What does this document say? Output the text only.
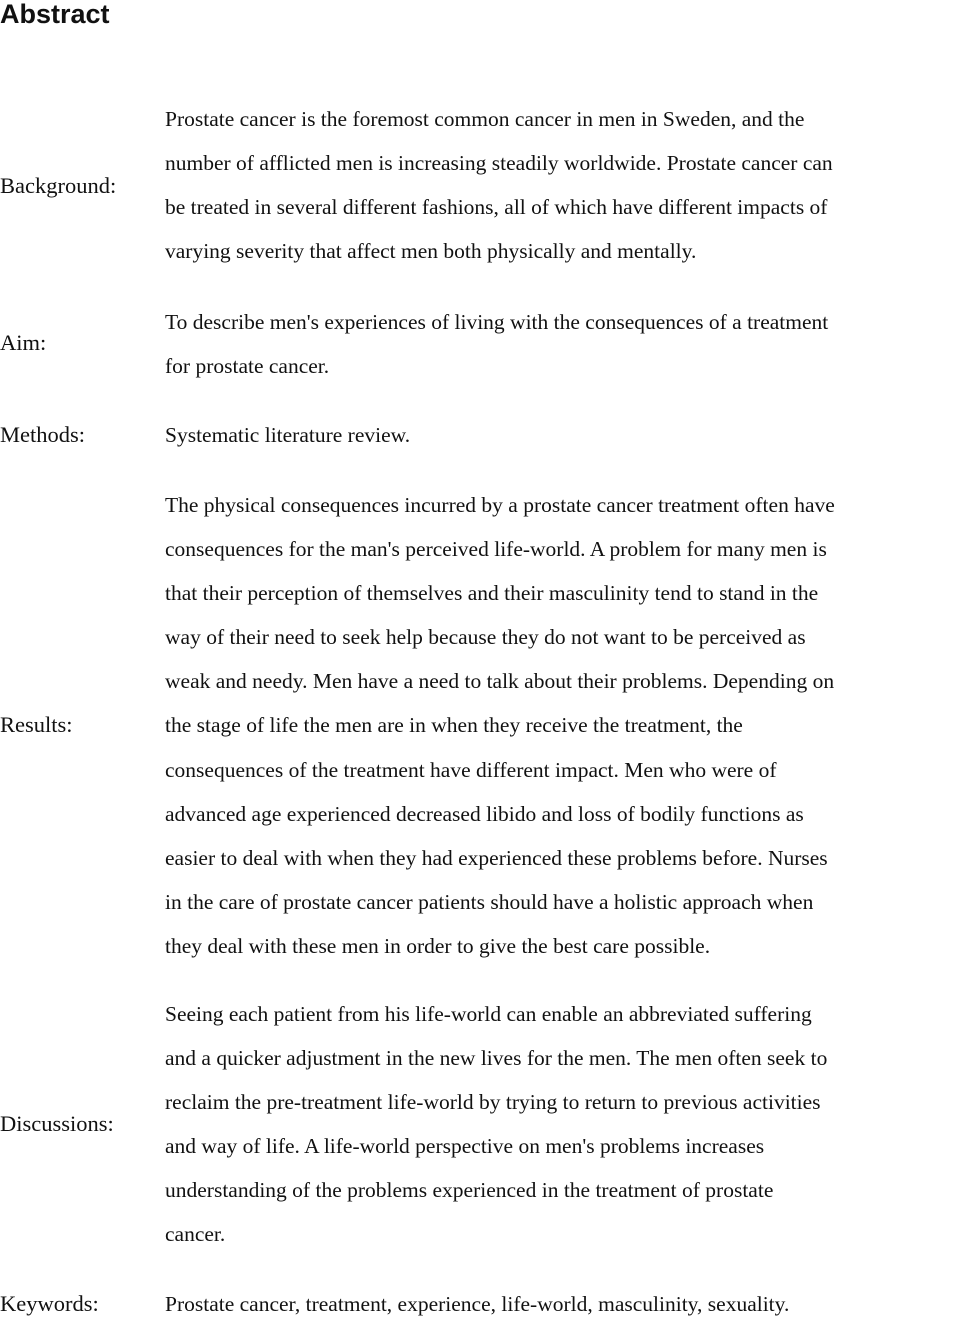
Abstract
Background:

Prostate cancer is the foremost common cancer in men in Sweden, and the
number of afflicted men is increasing steadily worldwide. Prostate cancer can
be treated in several different fashions, all of which have different impacts of
varying severity that affect men both physically and mentally.

Aim:

To describe men's experiences of living with the consequences of a treatment
for prostate cancer.

Methods:	Systematic literature review.

Results:

The physical consequences incurred by a prostate cancer treatment often have
consequences for the man's perceived life-world. A problem for many men is
that their perception of themselves and their masculinity tend to stand in the
way of their need to seek help because they do not want to be perceived as
weak and needy. Men have a need to talk about their problems. Depending on
the stage of life the men are in when they receive the treatment, the
consequences of the treatment have different impact. Men who were of
advanced age experienced decreased libido and loss of bodily functions as
easier to deal with when they had experienced these problems before. Nurses
in the care of prostate cancer patients should have a holistic approach when
they deal with these men in order to give the best care possible.

Discussions:

Seeing each patient from his life-world can enable an abbreviated suffering
and a quicker adjustment in the new lives for the men. The men often seek to
reclaim the pre-treatment life-world by trying to return to previous activities
and way of life. A life-world perspective on men's problems increases
understanding of the problems experienced in the treatment of prostate
cancer.

Keywords:	Prostate cancer, treatment, experience, life-world, masculinity, sexuality.
